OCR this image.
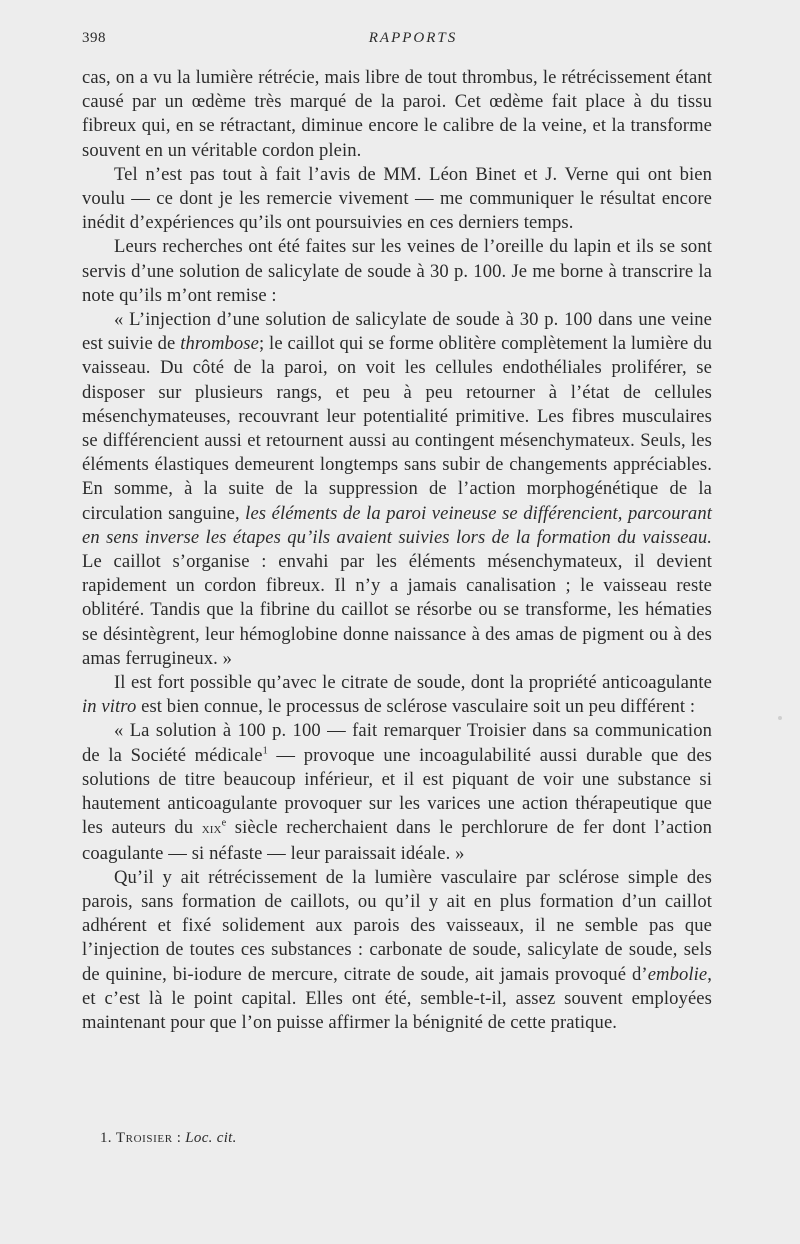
398	RAPPORTS

cas, on a vu la lumière rétrécie, mais libre de tout thrombus, le rétrécissement étant causé par un œdème très marqué de la paroi. Cet œdème fait place à du tissu fibreux qui, en se rétractant, diminue encore le calibre de la veine, et la transforme souvent en un véritable cordon plein.

Tel n’est pas tout à fait l’avis de MM. Léon Binet et J. Verne qui ont bien voulu — ce dont je les remercie vivement — me communiquer le résultat encore inédit d’expériences qu’ils ont poursuivies en ces derniers temps.

Leurs recherches ont été faites sur les veines de l’oreille du lapin et ils se sont servis d’une solution de salicylate de soude à 30 p. 100. Je me borne à transcrire la note qu’ils m’ont remise :

« L’injection d’une solution de salicylate de soude à 30 p. 100 dans une veine est suivie de thrombose; le caillot qui se forme oblitère complètement la lumière du vaisseau. Du côté de la paroi, on voit les cellules endothéliales proliférer, se disposer sur plusieurs rangs, et peu à peu retourner à l’état de cellules mésenchymateuses, recouvrant leur potentialité primitive. Les fibres musculaires se différencient aussi et retournent aussi au contingent mésenchymateux. Seuls, les éléments élastiques demeurent longtemps sans subir de changements appréciables. En somme, à la suite de la suppression de l’action morphogénétique de la circulation sanguine, les éléments de la paroi veineuse se différencient, parcourant en sens inverse les étapes qu’ils avaient suivies lors de la formation du vaisseau. Le caillot s’organise : envahi par les éléments mésenchymateux, il devient rapidement un cordon fibreux. Il n’y a jamais canalisation ; le vaisseau reste oblitéré. Tandis que la fibrine du caillot se résorbe ou se transforme, les hématies se désintègrent, leur hémoglobine donne naissance à des amas de pigment ou à des amas ferrugineux. »

Il est fort possible qu’avec le citrate de soude, dont la propriété anticoagulante in vitro est bien connue, le processus de sclérose vasculaire soit un peu différent :

« La solution à 100 p. 100 — fait remarquer Troisier dans sa communication de la Société médicale$^1$ — provoque une incoagulabilité aussi durable que des solutions de titre beaucoup inférieur, et il est piquant de voir une substance si hautement anticoagulante provoquer sur les varices une action thérapeutique que les auteurs du xix$^e$ siècle recherchaient dans le perchlorure de fer dont l’action coagulante — si néfaste — leur paraissait idéale. »

Qu’il y ait rétrécissement de la lumière vasculaire par sclérose simple des parois, sans formation de caillots, ou qu’il y ait en plus formation d’un caillot adhérent et fixé solidement aux parois des vaisseaux, il ne semble pas que l’injection de toutes ces substances : carbonate de soude, salicylate de soude, sels de quinine, bi-iodure de mercure, citrate de soude, ait jamais provoqué d’embolie, et c’est là le point capital. Elles ont été, semble-t-il, assez souvent employées maintenant pour que l’on puisse affirmer la bénignité de cette pratique.

1. Troisier : Loc. cit.
